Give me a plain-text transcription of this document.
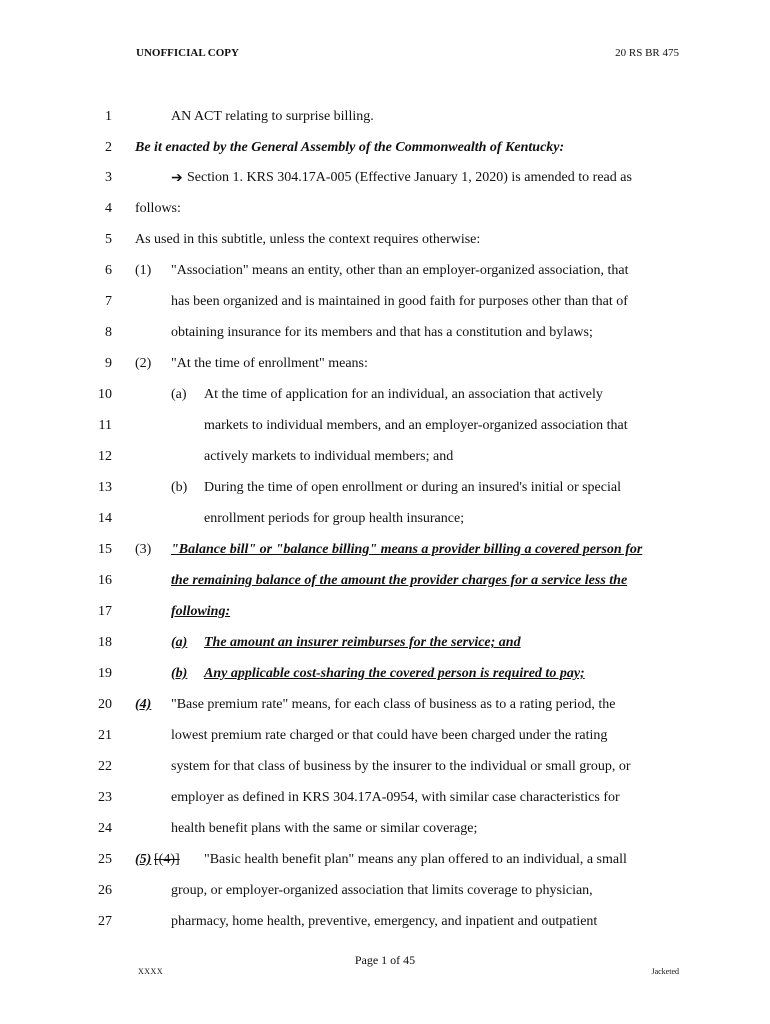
UNOFFICIAL COPY	20 RS BR 475
1	AN ACT relating to surprise billing.
2 Be it enacted by the General Assembly of the Commonwealth of Kentucky:
3	➔ Section 1. KRS 304.17A-005 (Effective January 1, 2020) is amended to read as
4 follows:
5 As used in this subtitle, unless the context requires otherwise:
6 (1) "Association" means an entity, other than an employer-organized association, that
7	has been organized and is maintained in good faith for purposes other than that of
8	obtaining insurance for its members and that has a constitution and bylaws;
9 (2) "At the time of enrollment" means:
10	(a) At the time of application for an individual, an association that actively
11	markets to individual members, and an employer-organized association that
12	actively markets to individual members; and
13	(b) During the time of open enrollment or during an insured's initial or special
14	enrollment periods for group health insurance;
15 (3) "Balance bill" or "balance billing" means a provider billing a covered person for
16	the remaining balance of the amount the provider charges for a service less the
17	following:
18	(a) The amount an insurer reimburses for the service; and
19	(b) Any applicable cost-sharing the covered person is required to pay;
20 (4) "Base premium rate" means, for each class of business as to a rating period, the
21	lowest premium rate charged or that could have been charged under the rating
22	system for that class of business by the insurer to the individual or small group, or
23	employer as defined in KRS 304.17A-0954, with similar case characteristics for
24	health benefit plans with the same or similar coverage;
25 (5) [(4)] "Basic health benefit plan" means any plan offered to an individual, a small
26	group, or employer-organized association that limits coverage to physician,
27	pharmacy, home health, preventive, emergency, and inpatient and outpatient
Page 1 of 45
XXXX	Jacketed
